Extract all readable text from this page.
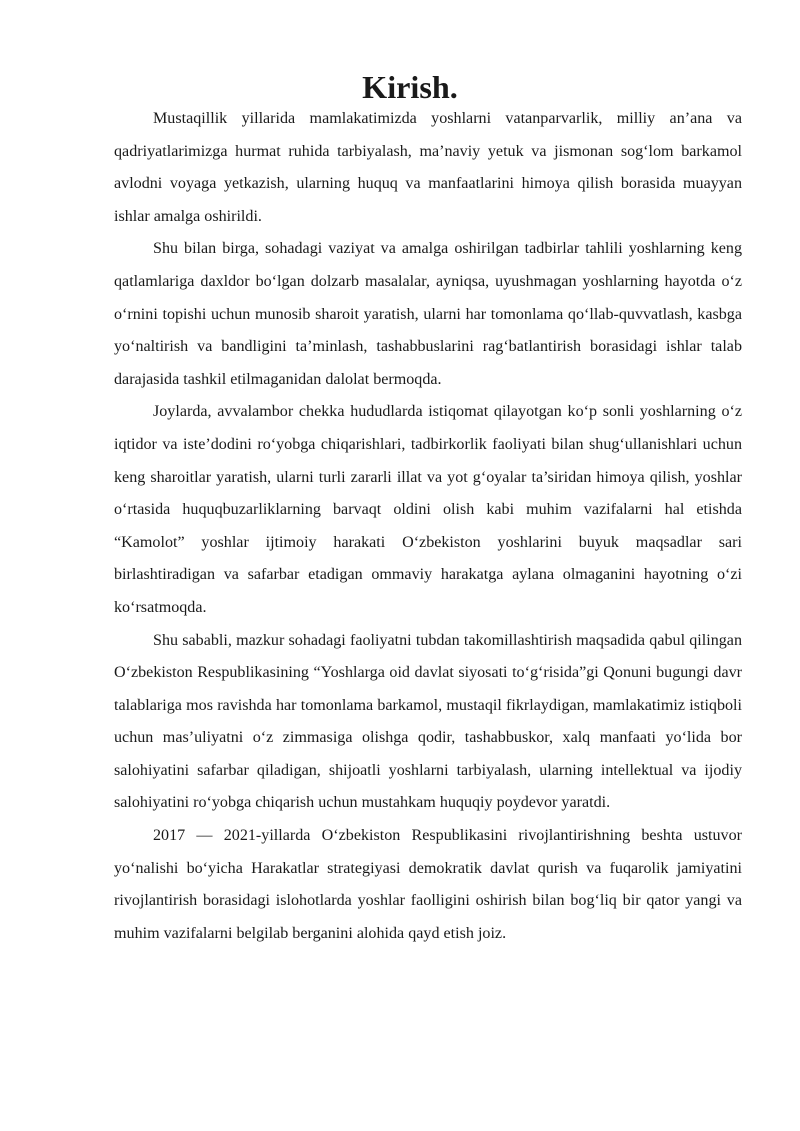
Kirish.

Mustaqillik yillarida mamlakatimizda yoshlarni vatanparvarlik, milliy an’ana va qadriyatlarimizga hurmat ruhida tarbiyalash, ma’naviy yetuk va jismonan sog‘lom barkamol avlodni voyaga yetkazish, ularning huquq va manfaatlarini himoya qilish borasida muayyan ishlar amalga oshirildi.

Shu bilan birga, sohadagi vaziyat va amalga oshirilgan tadbirlar tahlili yoshlarning keng qatlamlariga daxldor bo‘lgan dolzarb masalalar, ayniqsa, uyushmagan yoshlarning hayotda o‘z o‘rnini topishi uchun munosib sharoit yaratish, ularni har tomonlama qo‘llab-quvvatlash, kasbga yo‘naltirish va bandligini ta’minlash, tashabbuslarini rag‘batlantirish borasidagi ishlar talab darajasida tashkil etilmaganidan dalolat bermoqda.

Joylarda, avvalambor chekka hududlarda istiqomat qilayotgan ko‘p sonli yoshlarning o‘z iqtidor va iste’dodini ro‘yobga chiqarishlari, tadbirkorlik faoliyati bilan shug‘ullanishlari uchun keng sharoitlar yaratish, ularni turli zararli illat va yot g‘oyalar ta’siridan himoya qilish, yoshlar o‘rtasida huquqbuzarliklarning barvaqt oldini olish kabi muhim vazifalarni hal etishda “Kamolot” yoshlar ijtimoiy harakati O‘zbekiston yoshlarini buyuk maqsadlar sari birlashtiradigan va safarbar etadigan ommaviy harakatga aylana olmaganini hayotning o‘zi ko‘rsatmoqda.

Shu sababli, mazkur sohadagi faoliyatni tubdan takomillashtirish maqsadida qabul qilingan O‘zbekiston Respublikasining “Yoshlarga oid davlat siyosati to‘g‘risida”gi Qonuni bugungi davr talablariga mos ravishda har tomonlama barkamol, mustaqil fikrlaydigan, mamlakatimiz istiqboli uchun mas’uliyatni o‘z zimmasiga olishga qodir, tashabbuskor, xalq manfaati yo‘lida bor salohiyatini safarbar qiladigan, shijoatli yoshlarni tarbiyalash, ularning intellektual va ijodiy salohiyatini ro‘yobga chiqarish uchun mustahkam huquqiy poydevor yaratdi.

2017 — 2021-yillarda O‘zbekiston Respublikasini rivojlantirishning beshta ustuvor yo‘nalishi bo‘yicha Harakatlar strategiyasi demokratik davlat qurish va fuqarolik jamiyatini rivojlantirish borasidagi islohotlarda yoshlar faolligini oshirish bilan bog‘liq bir qator yangi va muhim vazifalarni belgilab berganini alohida qayd etish joiz.
